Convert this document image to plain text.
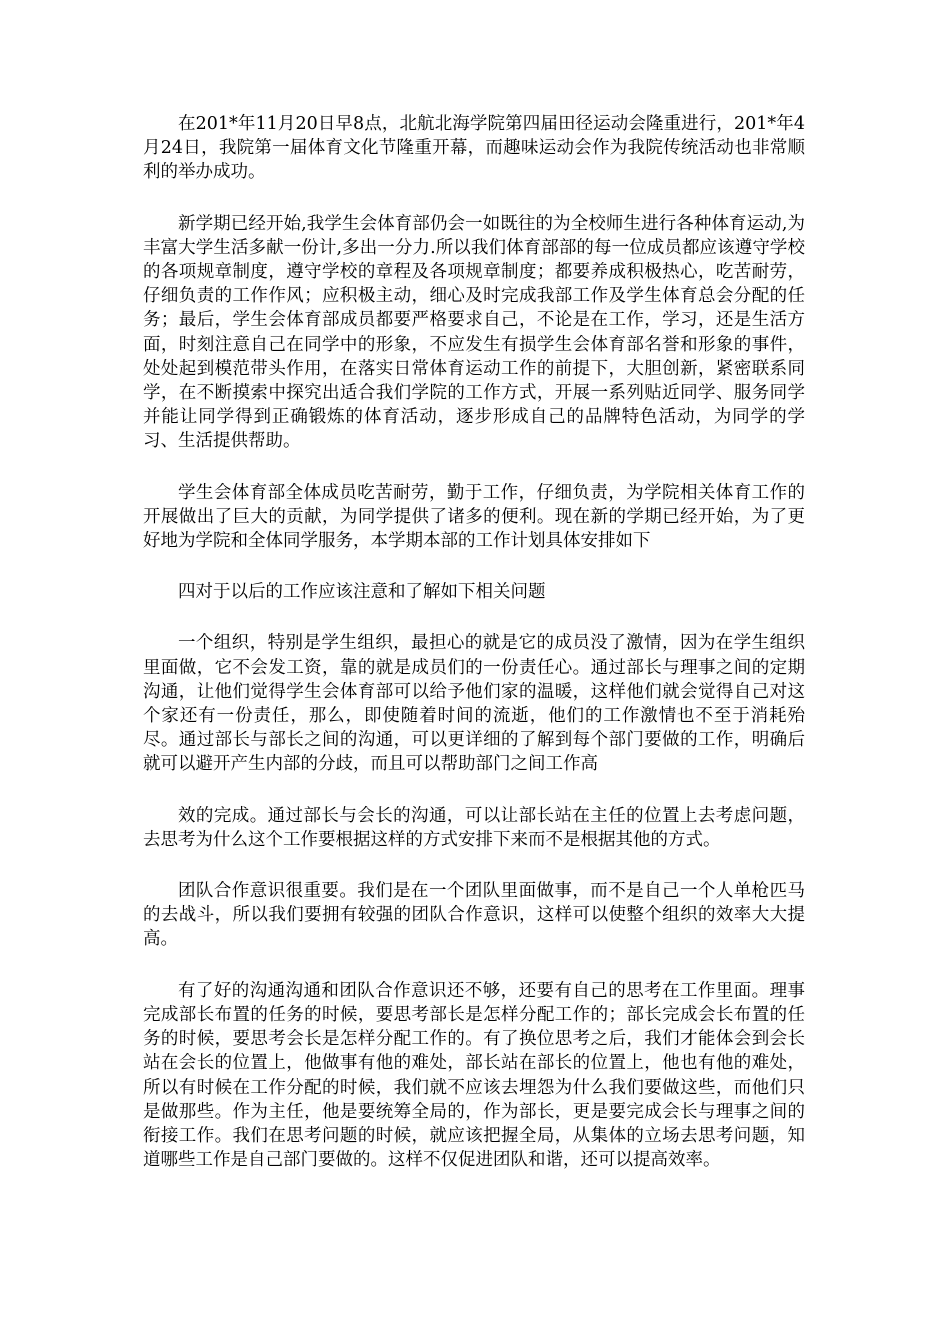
在201*年11月20日早8点，北航北海学院第四届田径运动会隆重进行，201*年4月24日，我院第一届体育文化节隆重开幕，而趣味运动会作为我院传统活动也非常顺利的举办成功。

新学期已经开始,我学生会体育部仍会一如既往的为全校师生进行各种体育运动,为丰富大学生活多献一份计,多出一分力.所以我们体育部部的每一位成员都应该遵守学校的各项规章制度，遵守学校的章程及各项规章制度；都要养成积极热心，吃苦耐劳，仔细负责的工作作风；应积极主动，细心及时完成我部工作及学生体育总会分配的任务；最后，学生会体育部成员都要严格要求自己，不论是在工作，学习，还是生活方面，时刻注意自己在同学中的形象，不应发生有损学生会体育部名誉和形象的事件，处处起到模范带头作用，在落实日常体育运动工作的前提下，大胆创新，紧密联系同学，在不断摸索中探究出适合我们学院的工作方式，开展一系列贴近同学、服务同学并能让同学得到正确锻炼的体育活动，逐步形成自己的品牌特色活动，为同学的学习、生活提供帮助。

学生会体育部全体成员吃苦耐劳，勤于工作，仔细负责，为学院相关体育工作的开展做出了巨大的贡献，为同学提供了诸多的便利。现在新的学期已经开始，为了更好地为学院和全体同学服务，本学期本部的工作计划具体安排如下

四对于以后的工作应该注意和了解如下相关问题

一个组织，特别是学生组织，最担心的就是它的成员没了激情，因为在学生组织里面做，它不会发工资，靠的就是成员们的一份责任心。通过部长与理事之间的定期沟通，让他们觉得学生会体育部可以给予他们家的温暖，这样他们就会觉得自己对这个家还有一份责任，那么，即使随着时间的流逝，他们的工作激情也不至于消耗殆尽。通过部长与部长之间的沟通，可以更详细的了解到每个部门要做的工作，明确后就可以避开产生内部的分歧，而且可以帮助部门之间工作高

效的完成。通过部长与会长的沟通，可以让部长站在主任的位置上去考虑问题，去思考为什么这个工作要根据这样的方式安排下来而不是根据其他的方式。

团队合作意识很重要。我们是在一个团队里面做事，而不是自己一个人单枪匹马的去战斗，所以我们要拥有较强的团队合作意识，这样可以使整个组织的效率大大提高。

有了好的沟通沟通和团队合作意识还不够，还要有自己的思考在工作里面。理事完成部长布置的任务的时候，要思考部长是怎样分配工作的；部长完成会长布置的任务的时候，要思考会长是怎样分配工作的。有了换位思考之后，我们才能体会到会长站在会长的位置上，他做事有他的难处，部长站在部长的位置上，他也有他的难处，所以有时候在工作分配的时候，我们就不应该去埋怨为什么我们要做这些，而他们只是做那些。作为主任，他是要统筹全局的，作为部长，更是要完成会长与理事之间的衔接工作。我们在思考问题的时候，就应该把握全局，从集体的立场去思考问题，知道哪些工作是自己部门要做的。这样不仅促进团队和谐，还可以提高效率。
